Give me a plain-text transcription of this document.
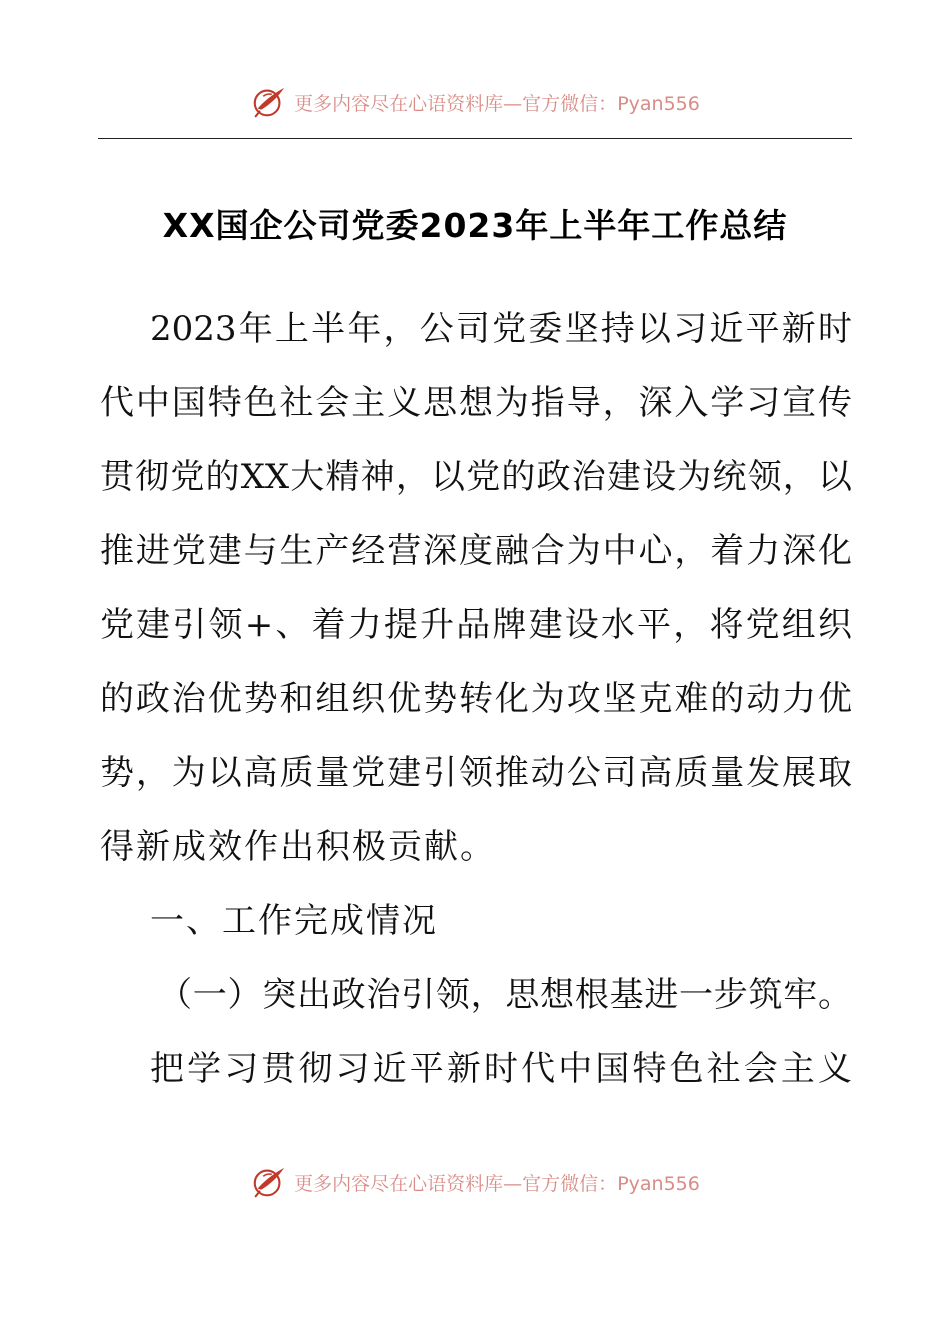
更多内容尽在心语资料库—官方微信：Pyan556
XX国企公司党委2023年上半年工作总结
2023年上半年，公司党委坚持以习近平新时
代中国特色社会主义思想为指导，深入学习宣传
贯彻党的XX大精神，以党的政治建设为统领，以
推进党建与生产经营深度融合为中心，着力深化
党建引领+、着力提升品牌建设水平，将党组织
的政治优势和组织优势转化为攻坚克难的动力优
势，为以高质量党建引领推动公司高质量发展取
得新成效作出积极贡献。
一、工作完成情况
（一）突出政治引领，思想根基进一步筑牢。
把学习贯彻习近平新时代中国特色社会主义
更多内容尽在心语资料库—官方微信：Pyan556
